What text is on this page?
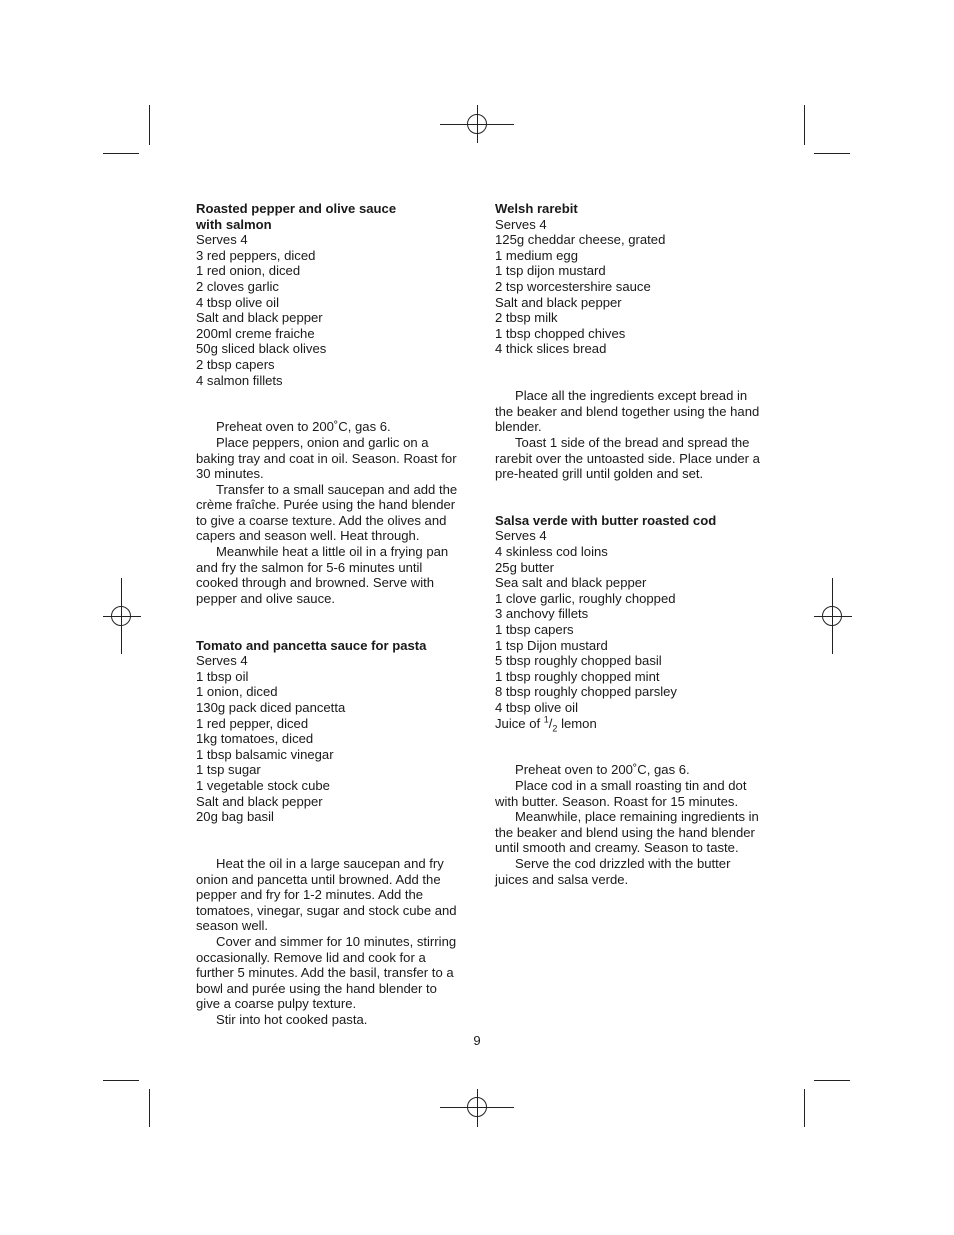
Roasted pepper and olive sauce

with salmon

Serves 4

3 red peppers, diced

1 red onion, diced

2 cloves garlic

4 tbsp olive oil

Salt and black pepper

200ml creme fraiche

50g sliced black olives

2 tbsp capers

4 salmon fillets

Preheat oven to 200˚C, gas 6.

Place peppers, onion and garlic on a baking tray and coat in oil. Season. Roast for 30 minutes.

Transfer to a small saucepan and add the crème fraîche. Purée using the hand blender to give a coarse texture. Add the olives and capers and season well. Heat through.

Meanwhile heat a little oil in a frying pan and fry the salmon for 5-6 minutes until cooked through and browned. Serve with pepper and olive sauce.

Tomato and pancetta sauce for pasta

Serves 4

1 tbsp oil

1 onion, diced

130g pack diced pancetta

1 red pepper, diced

1kg tomatoes, diced

1 tbsp balsamic vinegar

1 tsp sugar

1 vegetable stock cube

Salt and black pepper

20g bag basil

Heat the oil in a large saucepan and fry onion and pancetta until browned. Add the pepper and fry for 1-2 minutes. Add the tomatoes, vinegar, sugar and stock cube and season well.

Cover and simmer for 10 minutes, stirring occasionally. Remove lid and cook for a further 5 minutes. Add the basil, transfer to a bowl and purée using the hand blender to give a coarse pulpy texture.

Stir into hot cooked pasta.

Welsh rarebit

Serves 4

125g cheddar cheese, grated

1 medium egg

1 tsp dijon mustard

2 tsp worcestershire sauce

Salt and black pepper

2 tbsp milk

1 tbsp chopped chives

4 thick slices bread

Place all the ingredients except bread in the beaker and blend together using the hand blender.

Toast 1 side of the bread and spread the rarebit over the untoasted side. Place under a pre-heated grill until golden and set.

Salsa verde with butter roasted cod

Serves 4

4 skinless cod loins

25g butter

Sea salt and black pepper

1 clove garlic, roughly chopped

3 anchovy fillets

1 tbsp capers

1 tsp Dijon mustard

5 tbsp roughly chopped basil

1 tbsp roughly chopped mint

8 tbsp roughly chopped parsley

4 tbsp olive oil

Juice of $^1/_2$ lemon

Preheat oven to 200˚C, gas 6.

Place cod in a small roasting tin and dot with butter. Season. Roast for 15 minutes.

Meanwhile, place remaining ingredients in the beaker and blend using the hand blender until smooth and creamy. Season to taste.

Serve the cod drizzled with the butter juices and salsa verde.

9
